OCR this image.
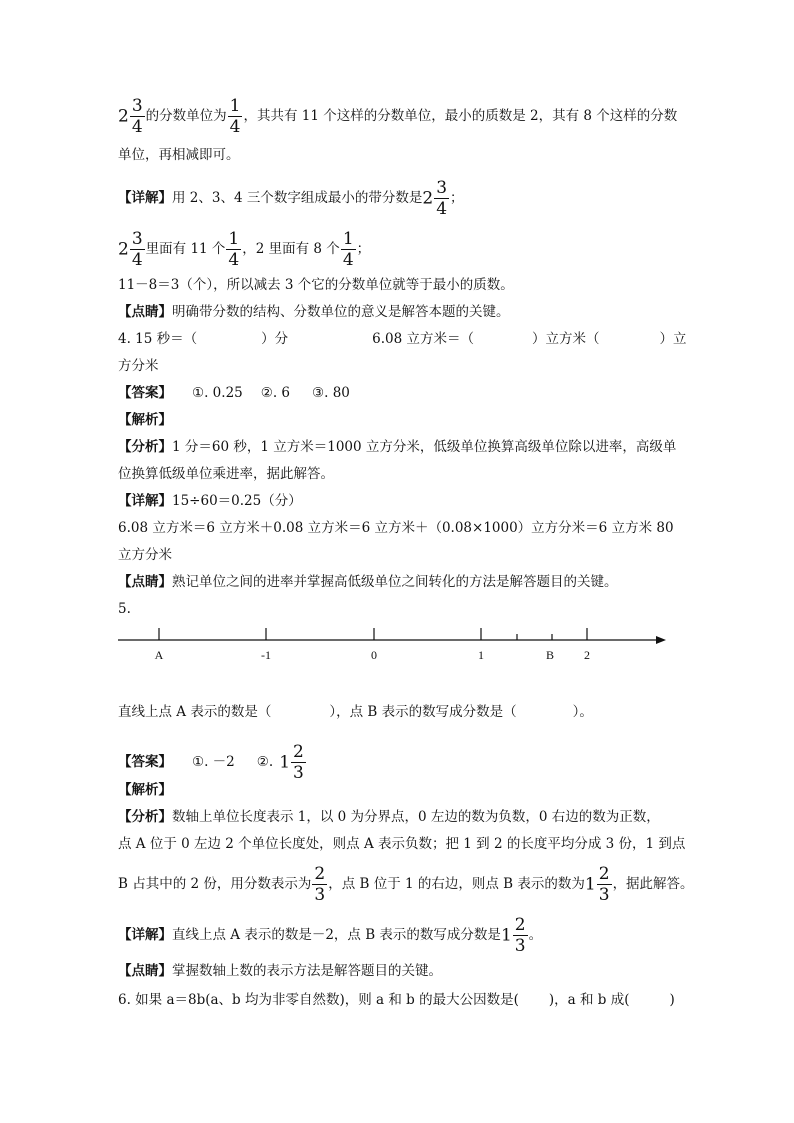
$2 \frac{3}{4}$ 的分数单位为 $\frac{1}{4}$ ，其共有 11 个这样的分数单位，最小的质数是 2，其有 8 个这样的分数
单位，再相减即可。
【详解】用 2、3、4 三个数字组成最小的带分数是$2 \frac{3}{4}$ ；
$2 \frac{3}{4}$ 里面有 11 个 $\frac{1}{4}$ ，2 里面有 8 个 $\frac{1}{4}$ ；
11－8＝3（个），所以减去 3 个它的分数单位就等于最小的质数。
【点睛】明确带分数的结构、分数单位的意义是解答本题的关键。
4. 15 秒＝（	）分	6.08 立方米＝（	）立方米（	）立
方分米
【答案】 ①. 0.25 ②. 6 ③. 80
【解析】
【分析】1 分＝60 秒，1 立方米＝1000 立方分米，低级单位换算高级单位除以进率，高级单
位换算低级单位乘进率，据此解答。
【详解】15÷60＝0.25（分）
6.08 立方米＝6 立方米＋0.08 立方米＝6 立方米＋（0.08×1000）立方分米＝6 立方米 80
立方分米
【点睛】熟记单位之间的进率并掌握高低级单位之间转化的方法是解答题目的关键。
5.
A	-1	0	1	B 2
直线上点 A 表示的数是（	），点 B 表示的数写成分数是（	）。
【答案】 ①. －2 ②. $1 \frac{2}{3}$
【解析】
【分析】数轴上单位长度表示 1，以 0 为分界点，0 左边的数为负数，0 右边的数为正数，
点 A 位于 0 左边 2 个单位长度处，则点 A 表示负数；把 1 到 2 的长度平均分成 3 份，1 到点
B 占其中的 2 份，用分数表示为 $\frac{2}{3}$ ，点 B 位于 1 的右边，则点 B 表示的数为$1 \frac{2}{3}$ ，据此解答。
【详解】直线上点 A 表示的数是－2，点 B 表示的数写成分数是$1 \frac{2}{3}$ 。
【点睛】掌握数轴上数的表示方法是解答题目的关键。
6. 如果 a＝8b(a、b 均为非零自然数)，则 a 和 b 的最大公因数是( )，a 和 b 成(	)
